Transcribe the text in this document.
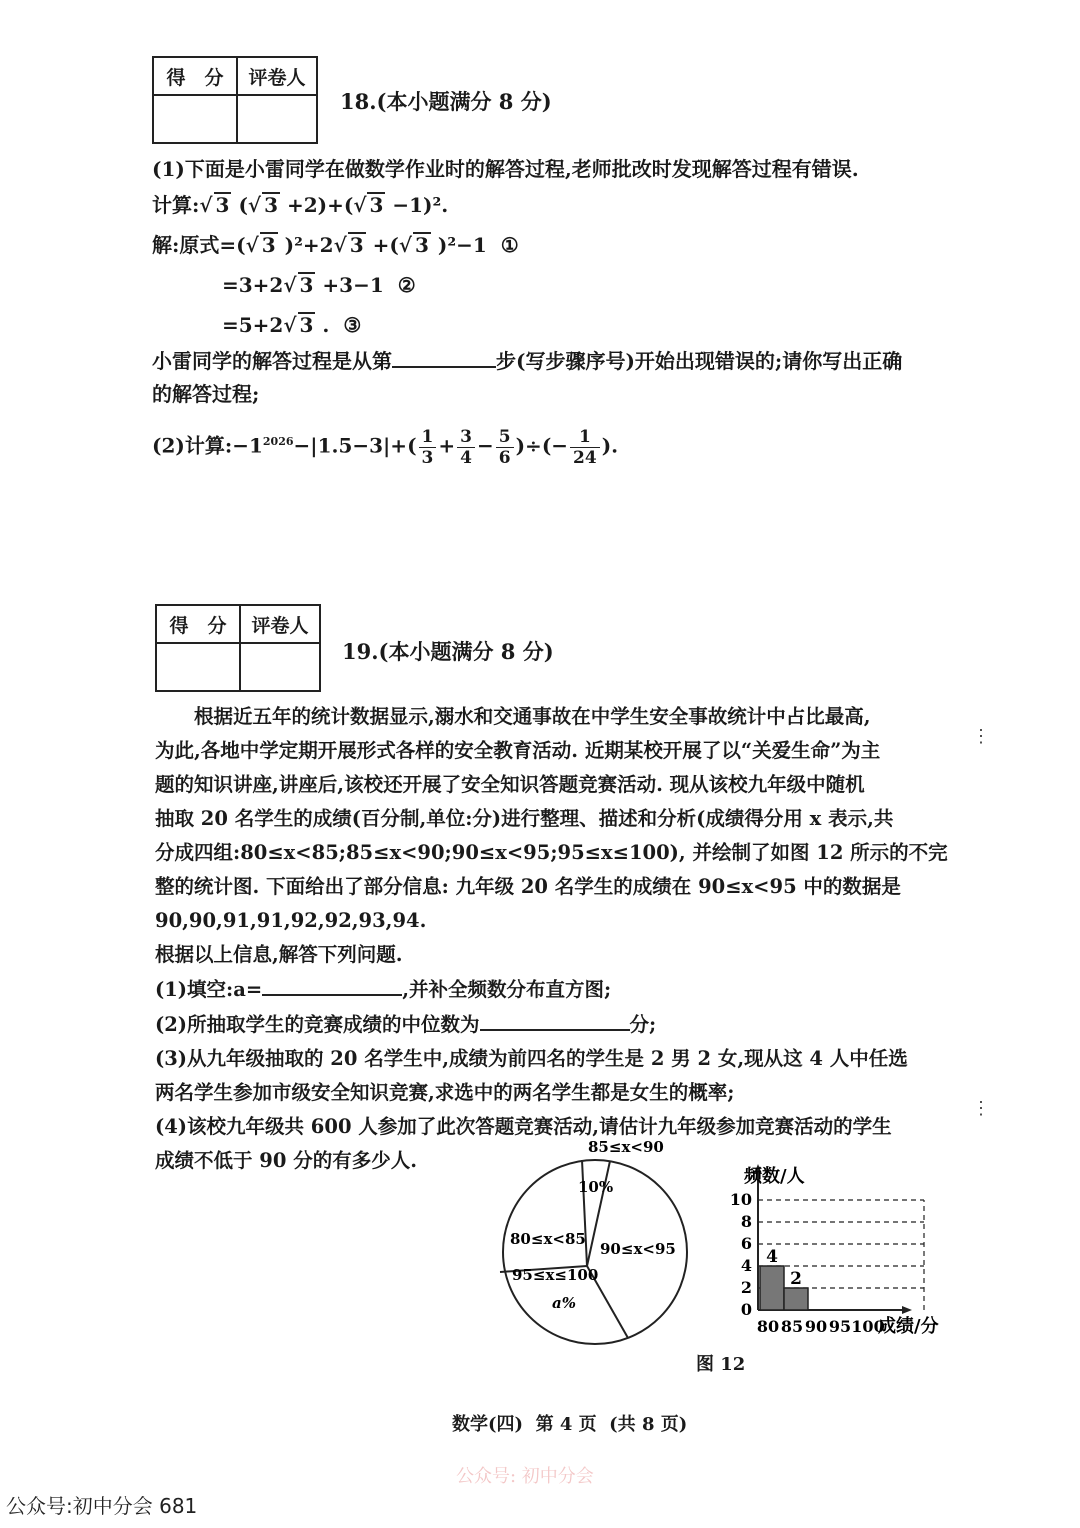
得　分	评卷人

18.(本小题满分 8 分)
(1)下面是小雷同学在做数学作业时的解答过程,老师批改时发现解答过程有错误.
计算:√ 3 (√ 3 +2)+(√ 3 −1)².
解:原式=(√ 3 )²+2√ 3 +(√ 3 )²−1 ①
=3+2√ 3 +3−1 ②
=5+2√ 3 . ③
小雷同学的解答过程是从第	步(写步骤序号)开始出现错误的;请你写出正确
的解答过程;
(2)计算$:-1^{2026}-|1.5-3|+( \frac{1}{3} + \frac{3}{4} - \frac{5}{6}$ )÷(− $\frac{1}{24}$ ).
得　分	评卷人

19.(本小题满分 8 分)
　　根据近五年的统计数据显示,溺水和交通事故在中学生安全事故统计中占比最高,
为此,各地中学定期开展形式各样的安全教育活动. 近期某校开展了以“关爱生命”为主
题的知识讲座,讲座后,该校还开展了安全知识答题竞赛活动. 现从该校九年级中随机
抽取 20 名学生的成绩(百分制,单位:分)进行整理、描述和分析(成绩得分用 x 表示,共
分成四组:80≤x<85;85≤x<90;90≤x<95;95≤x≤100), 并绘制了如图 12 所示的不完
整的统计图. 下面给出了部分信息: 九年级 20 名学生的成绩在 90≤x<95 中的数据是
90,90,91,91,92,92,93,94.
根据以上信息,解答下列问题.
(1)填空:a=	,并补全频数分布直方图;
(2)所抽取学生的竞赛成绩的中位数为	分;
(3)从九年级抽取的 20 名学生中,成绩为前四名的学生是 2 男 2 女,现从这 4 人中任选
两名学生参加市级安全知识竞赛,求选中的两名学生都是女生的概率;
(4)该校九年级共 600 人参加了此次答题竞赛活动,请估计九年级参加竞赛活动的学生
成绩不低于 90 分的有多少人.
⋮
⋮
85≤x<90
10%
90≤x<95
80≤x<85
95≤x≤100
a%
4
2
0
2
4
6
8
10
80 85 90 95 100
频数/人
成绩/分
图 12
数学(四)  第 4 页  (共 8 页)
公众号: 初中分会
公众号:初中分会 681
